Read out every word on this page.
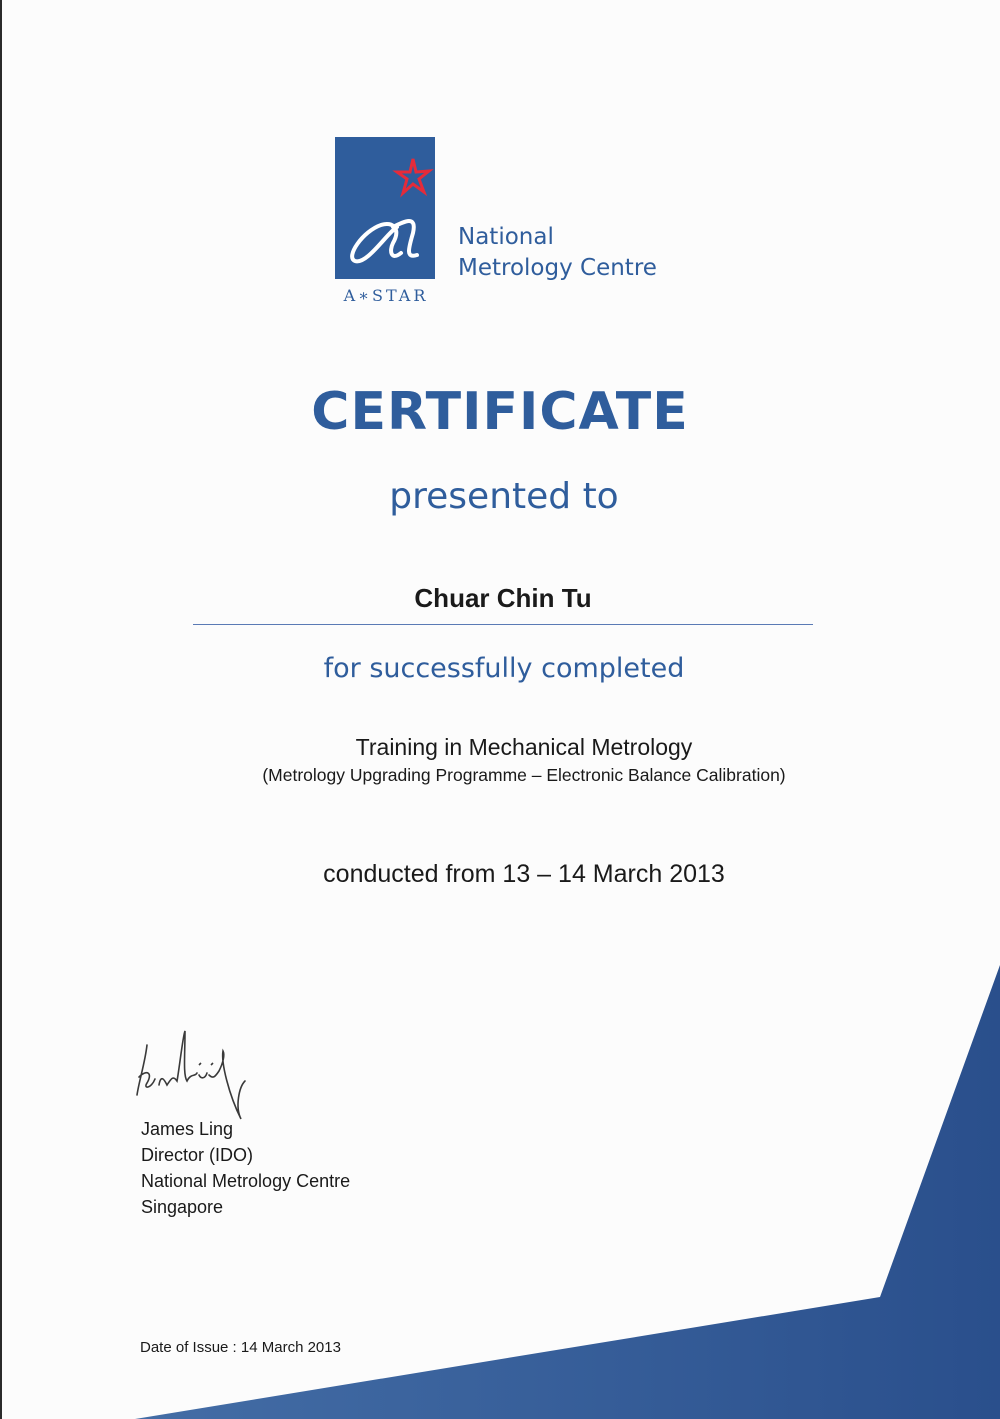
A∗STAR
National
Metrology Centre
CERTIFICATE
presented to
Chuar Chin Tu
for successfully completed
Training in Mechanical Metrology
(Metrology Upgrading Programme – Electronic Balance Calibration)
conducted from 13 – 14 March 2013
James Ling
Director (IDO)
National Metrology Centre
Singapore
Date of Issue : 14 March 2013
